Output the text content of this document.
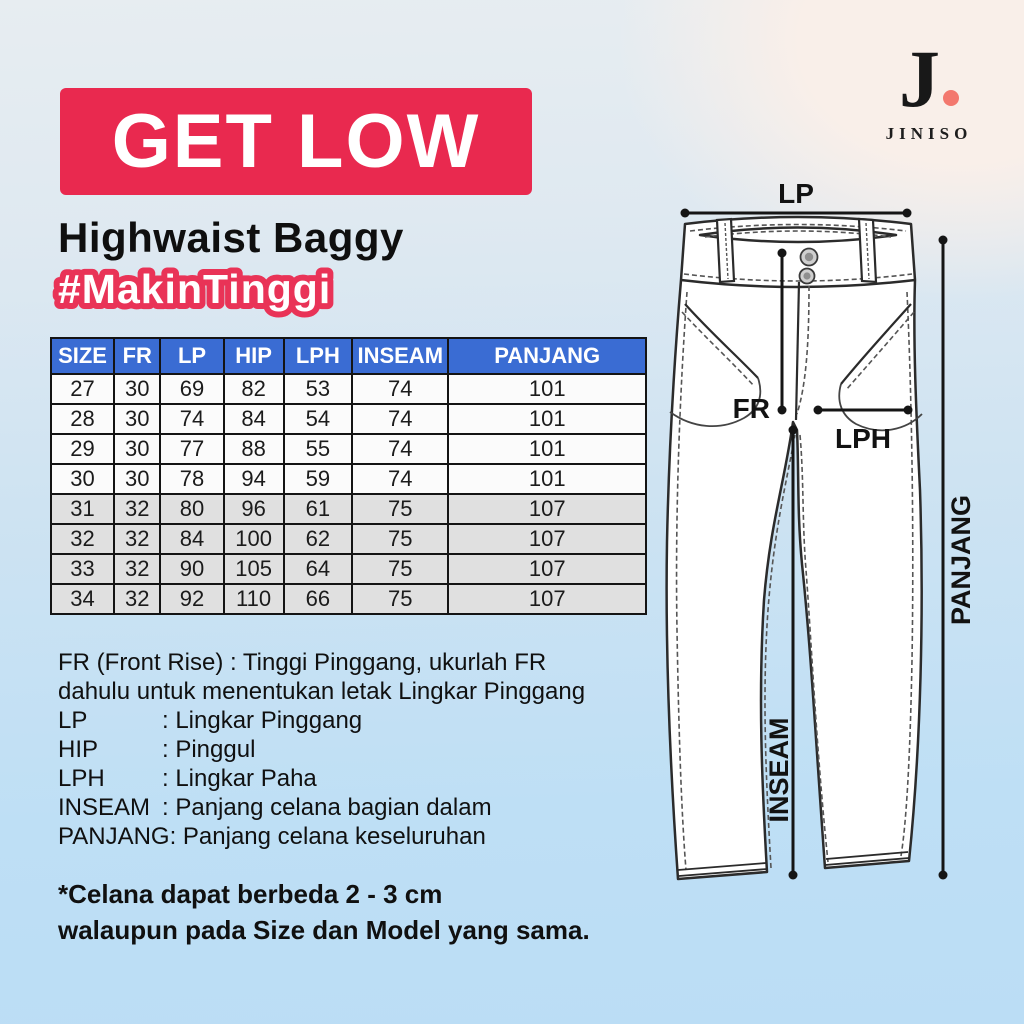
GET LOW
Highwaist Baggy
#MakinTinggi
J
JINISO
SIZE	FR	LP	HIP	LPH	INSEAM	PANJANG
27	30	69	82	53	74	101
28	30	74	84	54	74	101
29	30	77	88	55	74	101
30	30	78	94	59	74	101
31	32	80	96	61	75	107
32	32	84	100	62	75	107
33	32	90	105	64	75	107
34	32	92	110	66	75	107
FR (Front Rise) : Tinggi Pinggang, ukurlah FR
dahulu untuk menentukan letak Lingkar Pinggang
LP	: Lingkar Pinggang
HIP	: Pinggul
LPH	: Lingkar Paha
INSEAM : Panjang celana bagian dalam
PANJANG : Panjang celana keseluruhan
*Celana dapat berbeda 2 - 3 cm
walaupun pada Size dan Model yang sama.
LP
FR
LPH
INSEAM
PANJANG
